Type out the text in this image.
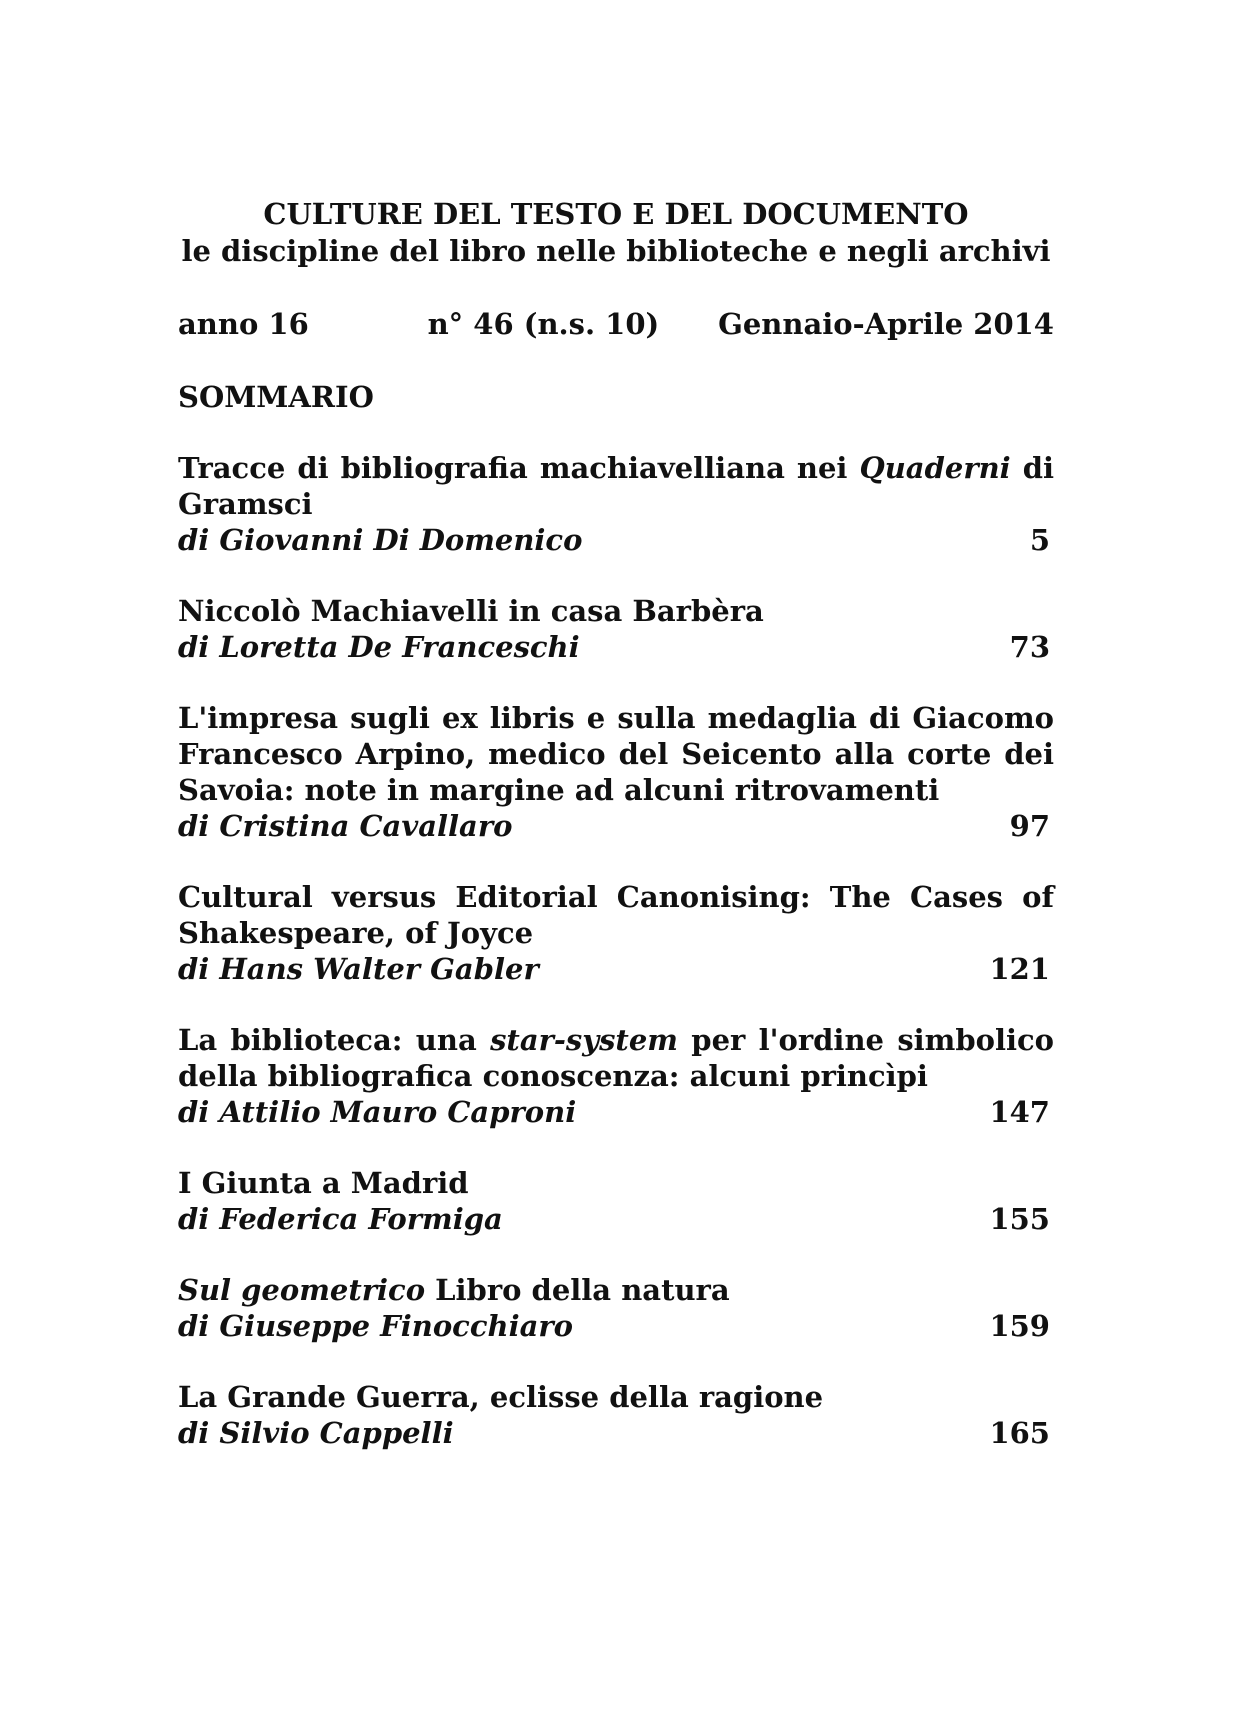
CULTURE DEL TESTO E DEL DOCUMENTO
le discipline del libro nelle biblioteche e negli archivi
anno 16	n° 46 (n.s. 10) Gennaio-Aprile 2014
SOMMARIO
Tracce di bibliografia machiavelliana nei Quaderni di Gramsci
di Giovanni Di Domenico	5
Niccolò Machiavelli in casa Barbèra
di Loretta De Franceschi	73
L'impresa sugli ex libris e sulla medaglia di Giacomo Francesco Arpino, medico del Seicento alla corte dei Savoia: note in margine ad alcuni ritrovamenti
di Cristina Cavallaro	97
Cultural versus Editorial Canonising: The Cases of Shakespeare, of Joyce
di Hans Walter Gabler	121
La biblioteca: una star-system per l'ordine simbolico della bibliografica conoscenza: alcuni princìpi
di Attilio Mauro Caproni	147
I Giunta a Madrid
di Federica Formiga	155
Sul geometrico Libro della natura
di Giuseppe Finocchiaro	159
La Grande Guerra, eclisse della ragione
di Silvio Cappelli	165
